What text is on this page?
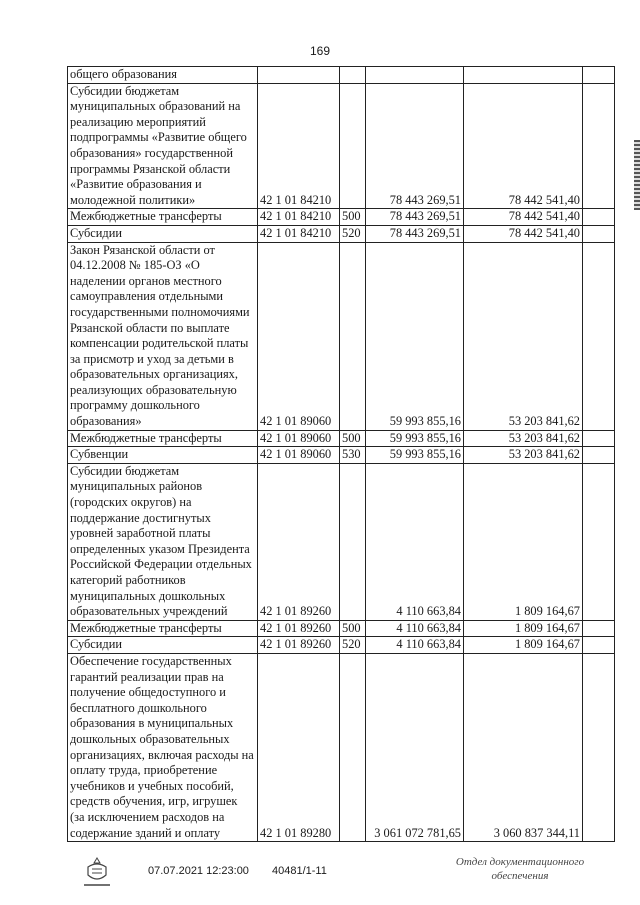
169
общего образования					
Субсидии бюджетам муниципальных образований на реализацию мероприятий подпрограммы «Развитие общего образования» государственной программы Рязанской области «Развитие образования и молодежной политики»	42 1 01 84210		78 443 269,51	78 442 541,40	
Межбюджетные трансферты	42 1 01 84210	500	78 443 269,51	78 442 541,40	
Субсидии	42 1 01 84210	520	78 443 269,51	78 442 541,40	
Закон Рязанской области от 04.12.2008 № 185-ОЗ «О наделении органов местного самоуправления отдельными государственными полномочиями Рязанской области по выплате компенсации родительской платы за присмотр и уход за детьми в образовательных организациях, реализующих образовательную программу дошкольного образования»	42 1 01 89060		59 993 855,16	53 203 841,62	
Межбюджетные трансферты	42 1 01 89060	500	59 993 855,16	53 203 841,62	
Субвенции	42 1 01 89060	530	59 993 855,16	53 203 841,62	
Субсидии бюджетам муниципальных районов (городских округов) на поддержание достигнутых уровней заработной платы определенных указом Президента Российской Федерации отдельных категорий работников муниципальных дошкольных образовательных учреждений	42 1 01 89260		4 110 663,84	1 809 164,67	
Межбюджетные трансферты	42 1 01 89260	500	4 110 663,84	1 809 164,67	
Субсидии	42 1 01 89260	520	4 110 663,84	1 809 164,67	
Обеспечение государственных гарантий реализации прав на получение общедоступного и бесплатного дошкольного образования в муниципальных дошкольных образовательных организациях, включая расходы на оплату труда, приобретение учебников и учебных пособий, средств обучения, игр, игрушек (за исключением расходов на содержание зданий и оплату	42 1 01 89280		3 061 072 781,65	3 060 837 344,11	
07.07.2021 12:23:00 40481/1-11
Отдел документационного
обеспечения
